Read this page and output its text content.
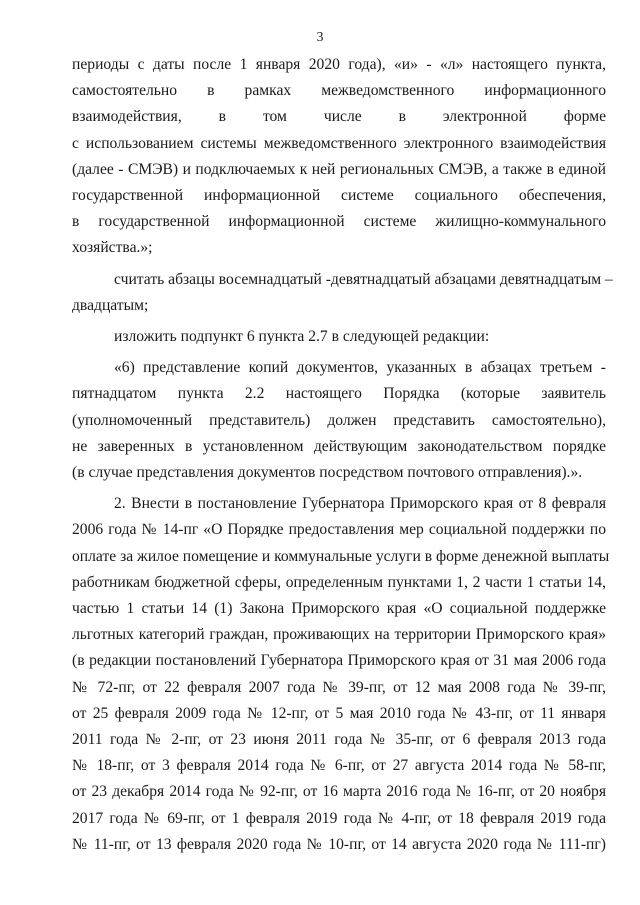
3
периоды с даты после 1 января 2020 года), «и» - «л» настоящего пункта,
самостоятельно в рамках межведомственного информационного
взаимодействия, в том числе в электронной форме
с использованием системы межведомственного электронного взаимодействия
(далее - СМЭВ) и подключаемых к ней региональных СМЭВ, а также в единой
государственной информационной системе социального обеспечения,
в государственной информационной системе жилищно-коммунального
хозяйства.»;
считать абзацы восемнадцатый -девятнадцатый абзацами девятнадцатым –
двадцатым;
изложить подпункт 6 пункта 2.7 в следующей редакции:
«6) представление копий документов, указанных в абзацах третьем -
пятнадцатом пункта 2.2 настоящего Порядка (которые заявитель
(уполномоченный представитель) должен представить самостоятельно),
не заверенных в установленном действующим законодательством порядке
(в случае представления документов посредством почтового отправления).».
2. Внести в постановление Губернатора Приморского края от 8 февраля
2006 года № 14-пг «О Порядке предоставления мер социальной поддержки по
оплате за жилое помещение и коммунальные услуги в форме денежной выплаты
работникам бюджетной сферы, определенным пунктами 1, 2 части 1 статьи 14,
частью 1 статьи 14 (1) Закона Приморского края «О социальной поддержке
льготных категорий граждан, проживающих на территории Приморского края»
(в редакции постановлений Губернатора Приморского края от 31 мая 2006 года
№ 72-пг, от 22 февраля 2007 года № 39-пг, от 12 мая 2008 года № 39-пг,
от 25 февраля 2009 года № 12-пг, от 5 мая 2010 года № 43-пг, от 11 января
2011 года № 2-пг, от 23 июня 2011 года № 35-пг, от 6 февраля 2013 года
№ 18-пг, от 3 февраля 2014 года № 6-пг, от 27 августа 2014 года № 58-пг,
от 23 декабря 2014 года № 92-пг, от 16 марта 2016 года № 16-пг, от 20 ноября
2017 года № 69-пг, от 1 февраля 2019 года № 4-пг, от 18 февраля 2019 года
№ 11-пг, от 13 февраля 2020 года № 10-пг, от 14 августа 2020 года № 111-пг)
